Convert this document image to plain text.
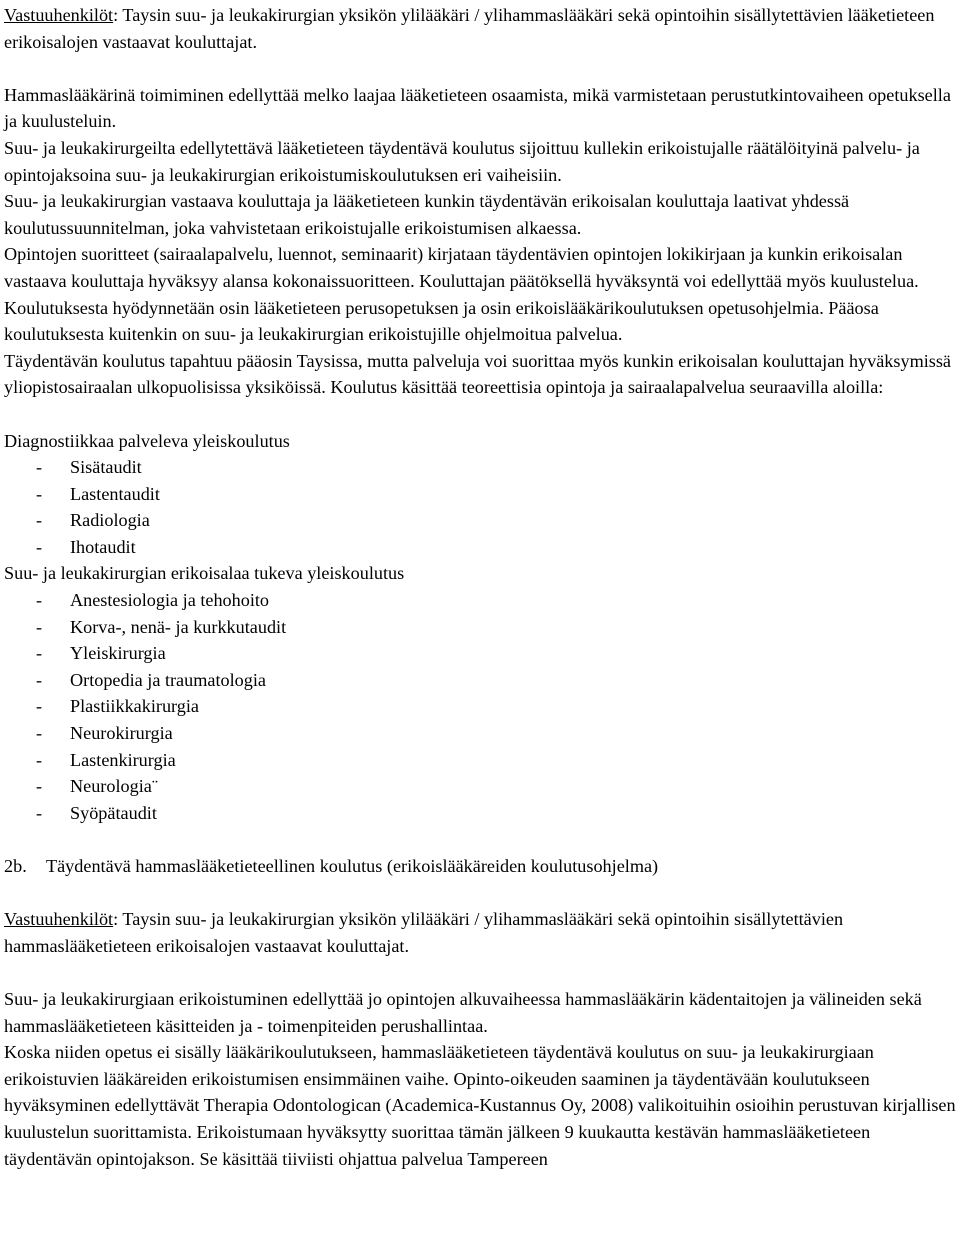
Vastuuhenkilöt: Taysin suu- ja leukakirurgian yksikön ylilääkäri / ylihammaslääkäri sekä opintoihin sisällytettävien lääketieteen erikoisalojen vastaavat kouluttajat.

Hammaslääkärinä toimiminen edellyttää melko laajaa lääketieteen osaamista, mikä varmistetaan perustutkintovaiheen opetuksella ja kuulusteluin.

Suu- ja leukakirurgeilta edellytettävä lääketieteen täydentävä koulutus sijoittuu kullekin erikoistujalle räätälöityinä palvelu- ja opintojaksoina suu- ja leukakirurgian erikoistumiskoulutuksen eri vaiheisiin.

Suu- ja leukakirurgian vastaava kouluttaja ja lääketieteen kunkin täydentävän erikoisalan kouluttaja laativat yhdessä koulutussuunnitelman, joka vahvistetaan erikoistujalle erikoistumisen alkaessa.

Opintojen suoritteet (sairaalapalvelu, luennot, seminaarit) kirjataan täydentävien opintojen lokikirjaan ja kunkin erikoisalan vastaava kouluttaja hyväksyy alansa kokonaissuoritteen. Kouluttajan päätöksellä hyväksyntä voi edellyttää myös kuulustelua. Koulutuksesta hyödynnetään osin lääketieteen perusopetuksen ja osin erikoislääkärikoulutuksen opetusohjelmia. Pääosa koulutuksesta kuitenkin on suu- ja leukakirurgian erikoistujille ohjelmoitua palvelua.

Täydentävän koulutus tapahtuu pääosin Taysissa, mutta palveluja voi suorittaa myös kunkin erikoisalan kouluttajan hyväksymissä yliopistosairaalan ulkopuolisissa yksiköissä. Koulutus käsittää teoreettisia opintoja ja sairaalapalvelua seuraavilla aloilla:

Diagnostiikkaa palveleva yleiskoulutus

- Sisätaudit
- Lastentaudit
- Radiologia
- Ihotaudit

Suu- ja leukakirurgian erikoisalaa tukeva yleiskoulutus

- Anestesiologia ja tehohoito
- Korva-, nenä- ja kurkkutaudit
- Yleiskirurgia
- Ortopedia ja traumatologia
- Plastiikkakirurgia
- Neurokirurgia
- Lastenkirurgia
- Neurologia¨
- Syöpätaudit

2b. Täydentävä hammaslääketieteellinen koulutus (erikoislääkäreiden koulutusohjelma)

Vastuuhenkilöt: Taysin suu- ja leukakirurgian yksikön ylilääkäri / ylihammaslääkäri sekä opintoihin sisällytettävien hammaslääketieteen erikoisalojen vastaavat kouluttajat.

Suu- ja leukakirurgiaan erikoistuminen edellyttää jo opintojen alkuvaiheessa hammaslääkärin kädentaitojen ja välineiden sekä hammaslääketieteen käsitteiden ja - toimenpiteiden perushallintaa.

Koska niiden opetus ei sisälly lääkärikoulutukseen, hammaslääketieteen täydentävä koulutus on suu- ja leukakirurgiaan erikoistuvien lääkäreiden erikoistumisen ensimmäinen vaihe. Opinto-oikeuden saaminen ja täydentävään koulutukseen hyväksyminen edellyttävät Therapia Odontologican (Academica-Kustannus Oy, 2008) valikoituihin osioihin perustuvan kirjallisen kuulustelun suorittamista. Erikoistumaan hyväksytty suorittaa tämän jälkeen 9 kuukautta kestävän hammaslääketieteen täydentävän opintojakson. Se käsittää tiiviisti ohjattua palvelua Tampereen
